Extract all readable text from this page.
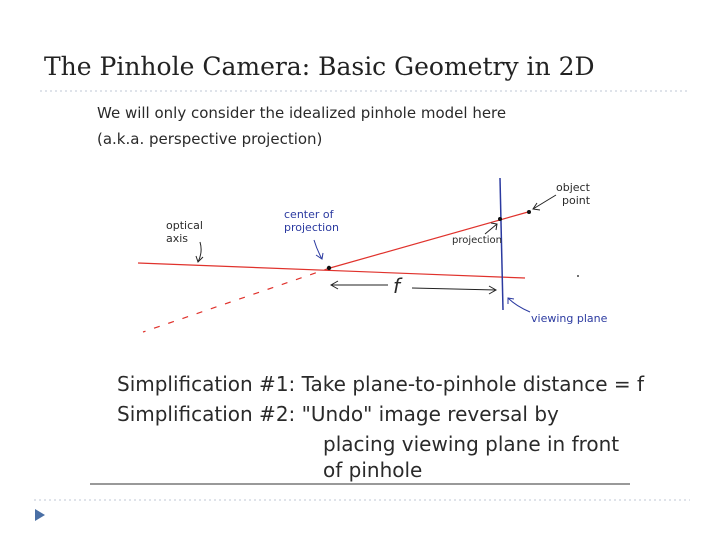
The Pinhole Camera: Basic Geometry in 2D
We will only consider the idealized pinhole model here
(a.k.a. perspective projection)
object
point
optical
axis
center of
projection
projection
f
viewing plane
Simplification #1: Take plane-to-pinhole distance = f
Simplification #2: "Undo" image reversal by
placing viewing plane in front
of pinhole
